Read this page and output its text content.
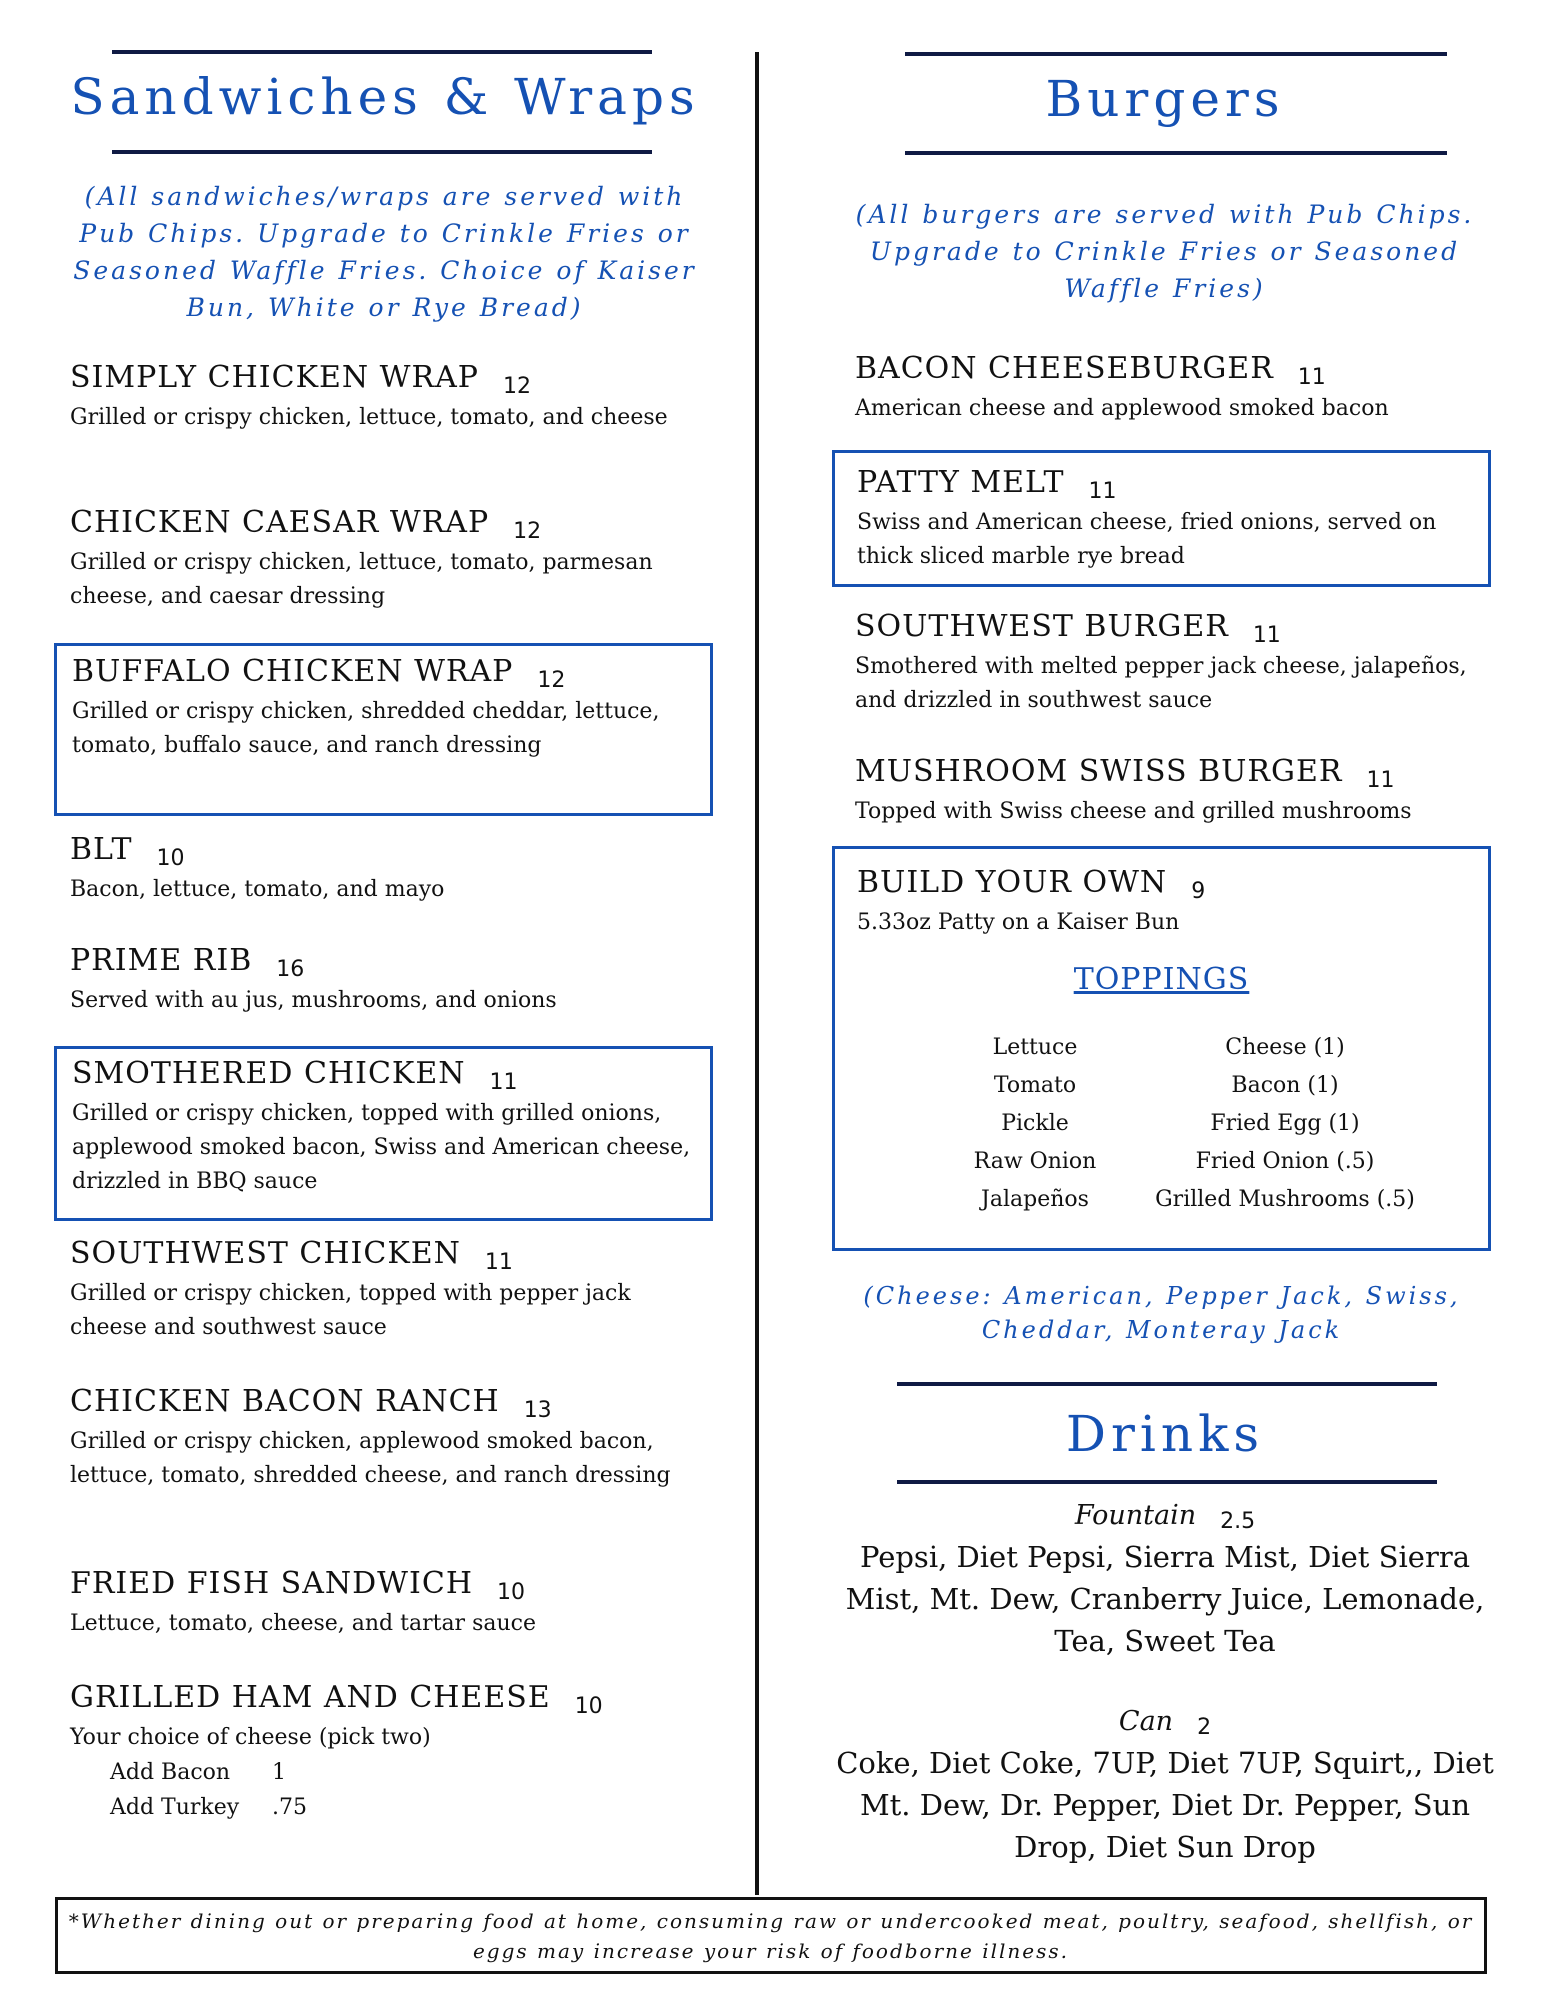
Sandwiches & Wraps

(All sandwiches/wraps are served with Pub Chips. Upgrade to Crinkle Fries or Seasoned Waffle Fries. Choice of Kaiser Bun, White or Rye Bread)

SIMPLY CHICKEN WRAP 12
Grilled or crispy chicken, lettuce, tomato, and cheese
CHICKEN CAESAR WRAP 12
Grilled or crispy chicken, lettuce, tomato, parmesan cheese, and caesar dressing
BUFFALO CHICKEN WRAP 12
Grilled or crispy chicken, shredded cheddar, lettuce, tomato, buffalo sauce, and ranch dressing
BLT 10
Bacon, lettuce, tomato, and mayo
PRIME RIB 16
Served with au jus, mushrooms, and onions
SMOTHERED CHICKEN 11
Grilled or crispy chicken, topped with grilled onions, applewood smoked bacon, Swiss and American cheese, drizzled in BBQ sauce
SOUTHWEST CHICKEN 11
Grilled or crispy chicken, topped with pepper jack cheese and southwest sauce
CHICKEN BACON RANCH 13
Grilled or crispy chicken, applewood smoked bacon, lettuce, tomato, shredded cheese, and ranch dressing
FRIED FISH SANDWICH 10
Lettuce, tomato, cheese, and tartar sauce
GRILLED HAM AND CHEESE 10
Your choice of cheese (pick two)
Add Bacon 1
Add Turkey .75
Burgers

(All burgers are served with Pub Chips. Upgrade to Crinkle Fries or Seasoned Waffle Fries)

BACON CHEESEBURGER 11
American cheese and applewood smoked bacon
PATTY MELT 11
Swiss and American cheese, fried onions, served on thick sliced marble rye bread
SOUTHWEST BURGER 11
Smothered with melted pepper jack cheese, jalapeños, and drizzled in southwest sauce
MUSHROOM SWISS BURGER 11
Topped with Swiss cheese and grilled mushrooms
BUILD YOUR OWN 9
5.33oz Patty on a Kaiser Bun
TOPPINGS
Lettuce
Tomato
Pickle
Raw Onion
Jalapeños
Cheese (1)
Bacon (1)
Fried Egg (1)
Fried Onion (.5)
Grilled Mushrooms (.5)

(Cheese: American, Pepper Jack, Swiss, Cheddar, Monteray Jack

Drinks
Fountain 2.5
Pepsi, Diet Pepsi, Sierra Mist, Diet Sierra Mist, Mt. Dew, Cranberry Juice, Lemonade, Tea, Sweet Tea
Can 2
Coke, Diet Coke, 7UP, Diet 7UP, Squirt,, Diet Mt. Dew, Dr. Pepper, Diet Dr. Pepper, Sun Drop, Diet Sun Drop
*Whether dining out or preparing food at home, consuming raw or undercooked meat, poultry, seafood, shellfish, or eggs may increase your risk of foodborne illness.
